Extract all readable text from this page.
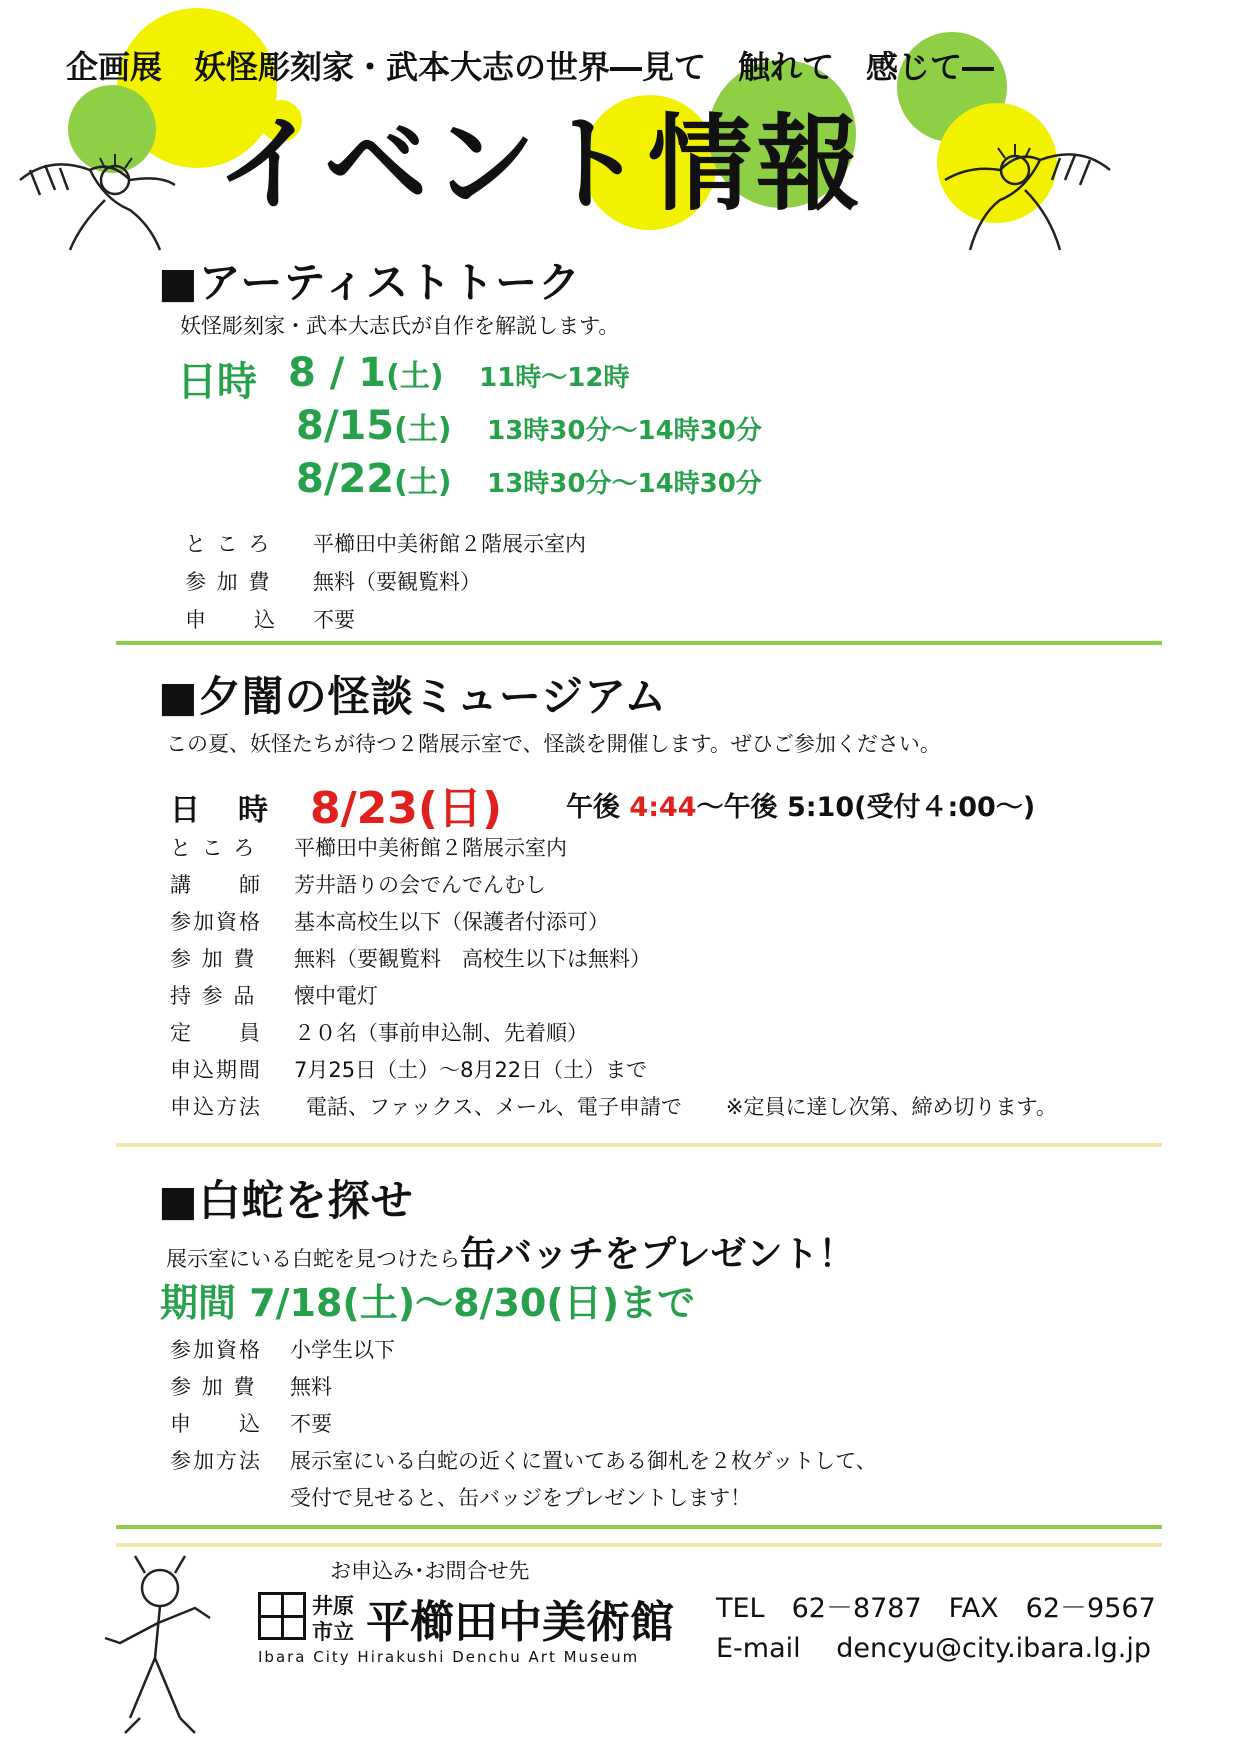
企画展　妖怪彫刻家・武本大志の世界―見て　触れて　感じて―
イベント情報
■アーティストトーク
妖怪彫刻家・武本大志氏が自作を解説します。
日時 8 / 1(土) 11時～12時
8/15(土) 13時30分～14時30分
8/22(土) 13時30分～14時30分
と こ ろ 平櫛田中美術館２階展示室内
参 加 費 無料（要観覧料）
申　　込 不要
■夕闇の怪談ミュージアム
この夏、妖怪たちが待つ２階展示室で、怪談を開催します。ぜひご参加ください。
日　時 8/23(日) 午後 4:44～午後 5:10(受付４:00～)
と こ ろ 平櫛田中美術館２階展示室内
講　　師 芳井語りの会でんでんむし
参加資格 基本高校生以下（保護者付添可）
参 加 費 無料（要観覧料　高校生以下は無料）
持 参 品 懐中電灯
定　　員 ２０名（事前申込制、先着順）
申込期間 7月25日（土）～8月22日（土）まで
申込方法 電話、ファックス、メール、電子申請で ※定員に達し次第、締め切ります。
■白蛇を探せ
展示室にいる白蛇を見つけたら缶バッチをプレゼント！
期間 7/18(土)～8/30(日)まで
参加資格 小学生以下
参 加 費 無料
申　　込 不要
参加方法 展示室にいる白蛇の近くに置いてある御札を２枚ゲットして、
受付で見せると、缶バッジをプレゼントします！
お申込み･お問合せ先
井原
市立 平櫛田中美術館
Ibara City Hirakushi Denchu Art Museum
TEL　62－8787　FAX　62－9567
E-mail　 dencyu@city.ibara.lg.jp
